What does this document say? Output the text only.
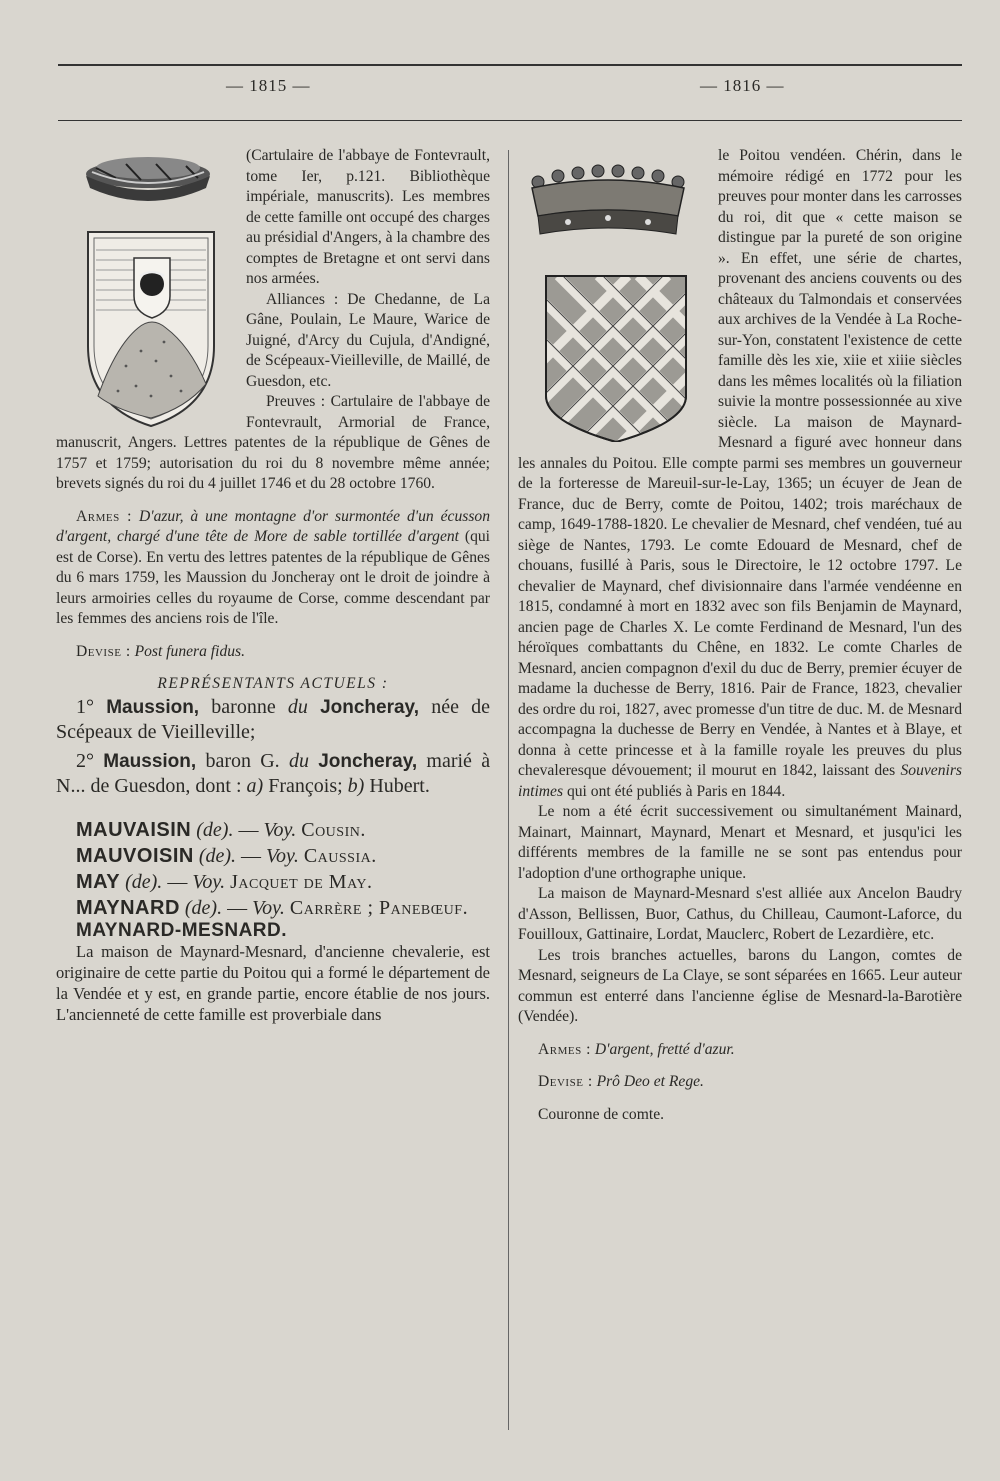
— 1815 —	— 1816 —

(Cartulaire de l'abbaye de Fontevrault, tome Ier, p.121. Bibliothèque impériale, manuscrits). Les membres de cette famille ont occupé des charges au présidial d'Angers, à la chambre des comptes de Bretagne et ont servi dans nos armées.

Alliances : De Chedanne, de La Gâne, Poulain, Le Maure, Warice de Juigné, d'Arcy du Cujula, d'Andigné, de Scépeaux-Vieilleville, de Maillé, de Guesdon, etc.

Preuves : Cartulaire de l'abbaye de Fontevrault, Armorial de France, manuscrit, Angers. Lettres patentes de la république de Gênes de 1757 et 1759; autorisation du roi du 8 novembre même année; brevets signés du roi du 4 juillet 1746 et du 28 octobre 1760.

Armes : D'azur, à une montagne d'or surmontée d'un écusson d'argent, chargé d'une tête de More de sable tortillée d'argent (qui est de Corse). En vertu des lettres patentes de la république de Gênes du 6 mars 1759, les Maussion du Joncheray ont le droit de joindre à leurs armoiries celles du royaume de Corse, comme descendant par les femmes des anciens rois de l'île.

Devise : Post funera fidus.

REPRÉSENTANTS ACTUELS :

1° Maussion, baronne du Joncheray, née de Scépeaux de Vieilleville;

2° Maussion, baron G. du Joncheray, marié à N... de Guesdon, dont : a) François; b) Hubert.

MAUVAISIN (de). — Voy. Cousin.

MAUVOISIN (de). — Voy. Caussia.

MAY (de). — Voy. Jacquet de May.

MAYNARD (de). — Voy. Carrère ; Panebœuf.

MAYNARD-MESNARD.

La maison de Maynard-Mesnard, d'ancienne chevalerie, est originaire de cette partie du Poitou qui a formé le département de la Vendée et y est, en grande partie, encore établie de nos jours. L'ancienneté de cette famille est proverbiale dans

le Poitou vendéen. Chérin, dans le mémoire rédigé en 1772 pour les preuves pour monter dans les carrosses du roi, dit que « cette maison se distingue par la pureté de son origine ». En effet, une série de chartes, provenant des anciens couvents ou des châteaux du Talmondais et conservées aux archives de la Vendée à La Roche-sur-Yon, constatent l'existence de cette famille dès les xie, xiie et xiiie siècles dans les mêmes localités où la filiation suivie la montre possessionnée au xive siècle. La maison de Maynard-Mesnard a figuré avec honneur dans les annales du Poitou. Elle compte parmi ses membres un gouverneur de la forteresse de Mareuil-sur-le-Lay, 1365; un écuyer de Jean de France, duc de Berry, comte de Poitou, 1402; trois maréchaux de camp, 1649-1788-1820. Le chevalier de Mesnard, chef vendéen, tué au siège de Nantes, 1793. Le comte Edouard de Mesnard, chef de chouans, fusillé à Paris, sous le Directoire, le 12 octobre 1797. Le chevalier de Maynard, chef divisionnaire dans l'armée vendéenne en 1815, condamné à mort en 1832 avec son fils Benjamin de Maynard, ancien page de Charles X. Le comte Ferdinand de Mesnard, l'un des héroïques combattants du Chêne, en 1832. Le comte Charles de Mesnard, ancien compagnon d'exil du duc de Berry, premier écuyer de madame la duchesse de Berry, 1816. Pair de France, 1823, chevalier des ordre du roi, 1827, avec promesse d'un titre de duc. M. de Mesnard accompagna la duchesse de Berry en Vendée, à Nantes et à Blaye, et donna à cette princesse et à la famille royale les preuves du plus chevaleresque dévouement; il mourut en 1842, laissant des Souvenirs intimes qui ont été publiés à Paris en 1844.

Le nom a été écrit successivement ou simultanément Mainard, Mainart, Mainnart, Maynard, Menart et Mesnard, et jusqu'ici les différents membres de la famille ne se sont pas entendus pour l'adoption d'une orthographe unique.

La maison de Maynard-Mesnard s'est alliée aux Ancelon Baudry d'Asson, Bellissen, Buor, Cathus, du Chilleau, Caumont-Laforce, du Fouilloux, Gattinaire, Lordat, Mauclerc, Robert de Lezardière, etc.

Les trois branches actuelles, barons du Langon, comtes de Mesnard, seigneurs de La Claye, se sont séparées en 1665. Leur auteur commun est enterré dans l'ancienne église de Mesnard-la-Barotière (Vendée).

Armes : D'argent, fretté d'azur.

Devise : Prô Deo et Rege.

Couronne de comte.
